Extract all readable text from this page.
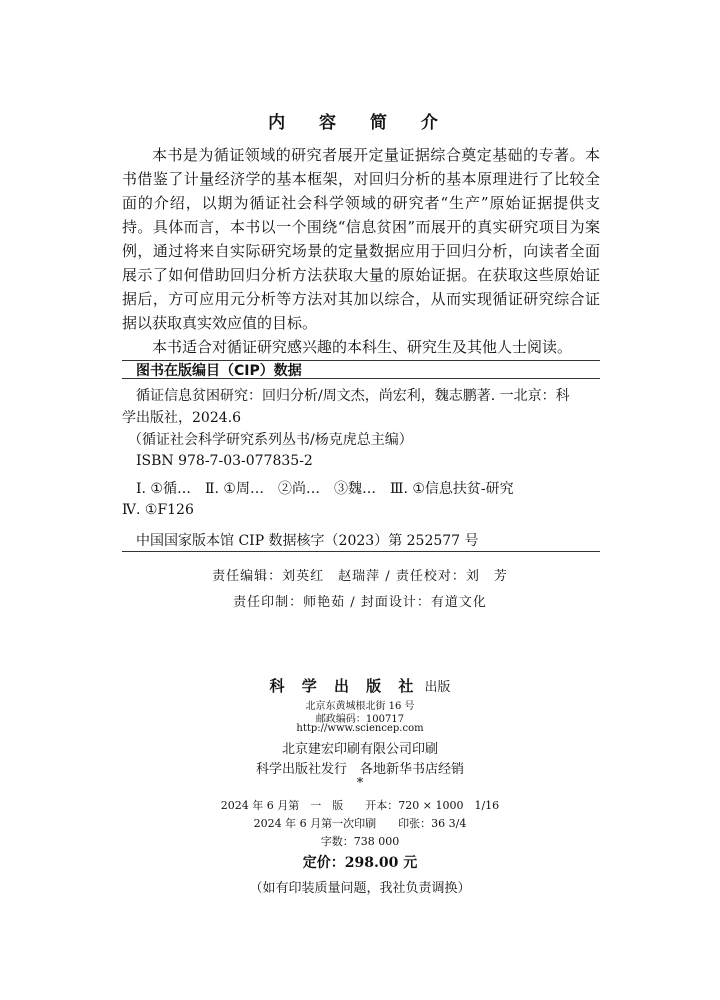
内 容 简 介

本书是为循证领域的研究者展开定量证据综合奠定基础的专著。本书借鉴了计量经济学的基本框架，对回归分析的基本原理进行了比较全面的介绍，以期为循证社会科学领域的研究者“生产”原始证据提供支持。具体而言，本书以一个围绕“信息贫困”而展开的真实研究项目为案例，通过将来自实际研究场景的定量数据应用于回归分析，向读者全面展示了如何借助回归分析方法获取大量的原始证据。在获取这些原始证据后，方可应用元分析等方法对其加以综合，从而实现循证研究综合证据以获取真实效应值的目标。

本书适合对循证研究感兴趣的本科生、研究生及其他人士阅读。

图书在版编目（CIP）数据
循证信息贫困研究：回归分析/周文杰，尚宏利，魏志鹏著. 一北京：科
学出版社，2024.6
（循证社会科学研究系列丛书/杨克虎总主编）
ISBN 978-7-03-077835-2
Ⅰ. ①循…　Ⅱ. ①周…　②尚…　③魏…　Ⅲ. ①信息扶贫-研究
Ⅳ. ①F126
中国国家版本馆 CIP 数据核字（2023）第 252577 号
责任编辑：刘英红　赵瑞萍 / 责任校对：刘　芳
责任印制：师艳茹 / 封面设计：有道文化
科 学 出 版 社 出版
北京东黄城根北街 16 号
邮政编码：100717
http://www.sciencep.com
北京建宏印刷有限公司印刷
科学出版社发行　各地新华书店经销
*
2024 年 6 月第　一　版　　开本：720 × 1000　1/16
2024 年 6 月第一次印刷　　印张：36 3/4
字数：738 000
定价：298.00 元
（如有印装质量问题，我社负责调换）
